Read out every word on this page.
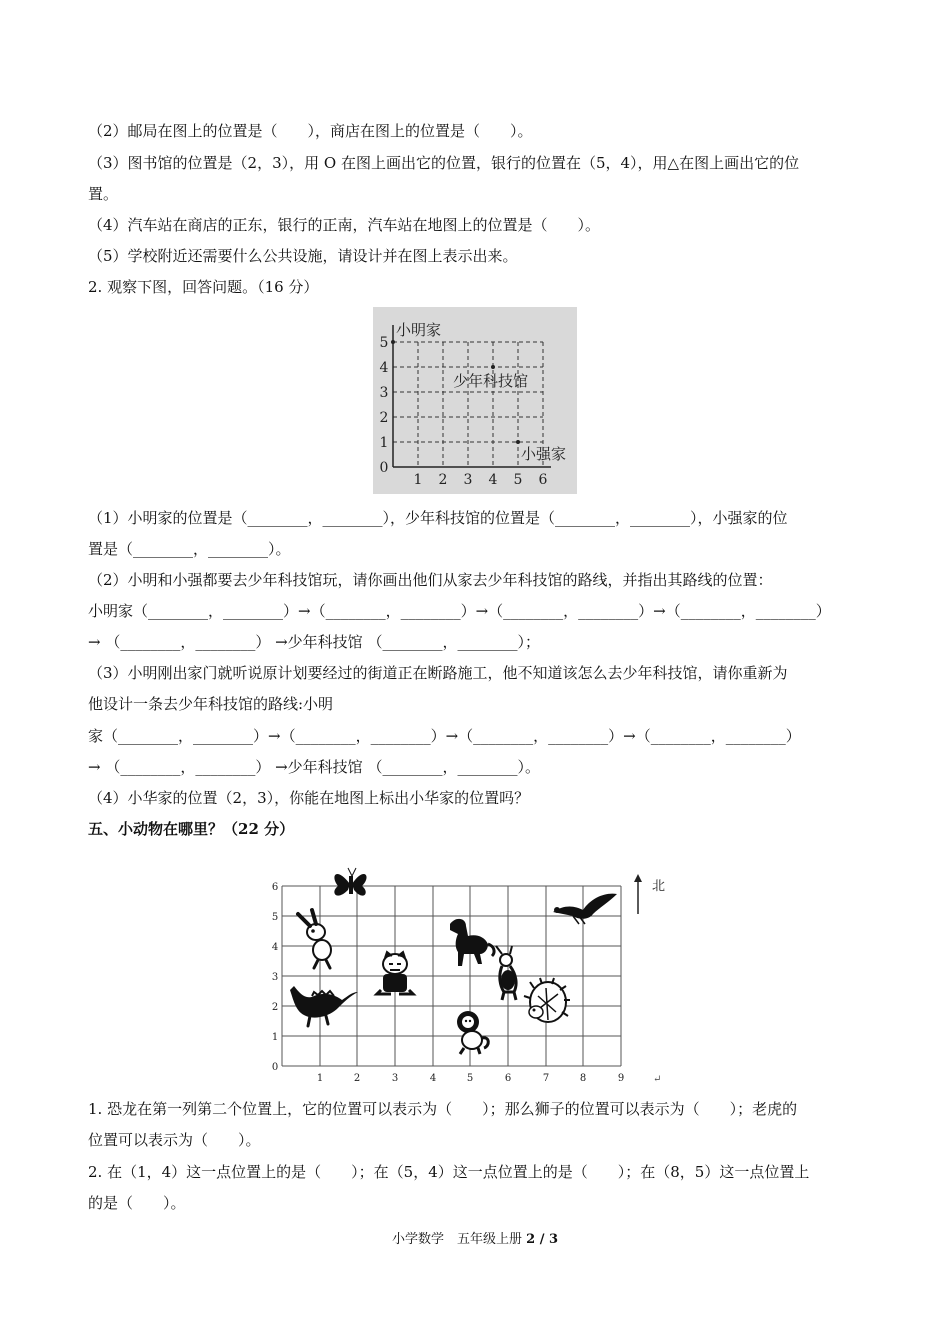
（2）邮局在图上的位置是（　　），商店在图上的位置是（　　）。
（3）图书馆的位置是（2，3），用 O 在图上画出它的位置，银行的位置在（5，4），用△在图上画出它的位
置。
（4）汽车站在商店的正东，银行的正南，汽车站在地图上的位置是（　　）。
（5）学校附近还需要什么公共设施，请设计并在图上表示出来。
2. 观察下图，回答问题。（16 分）
（1）小明家的位置是（________，________），少年科技馆的位置是（________，________），小强家的位
置是（________，________）。
（2）小明和小强都要去少年科技馆玩，请你画出他们从家去少年科技馆的路线，并指出其路线的位置：
小明家（________，________）→（________，________）→（________，________）→（________，________）
→ （________，________） →少年科技馆 （________，________）；
（3）小明刚出家门就听说原计划要经过的街道正在断路施工，他不知道该怎么去少年科技馆，请你重新为
他设计一条去少年科技馆的路线:小明
家（________，________）→（________，________）→（________，________）→（________，________）
→ （________，________） →少年科技馆 （________，________）。
（4）小华家的位置（2，3），你能在地图上标出小华家的位置吗？
五、小动物在哪里？（22 分）
1. 恐龙在第一列第二个位置上，它的位置可以表示为（　　）；那么狮子的位置可以表示为（　　）；老虎的
位置可以表示为（　　）。
2. 在（1，4）这一点位置上的是（　　）；在（5，4）这一点位置上的是（　　）；在（8，5）这一点位置上
的是（　　）。
小明家
少年科技馆
小强家
0
1
2
3
4
5
1 2 3 4 5 6
0
1
2
3
4
5
6
1	2	3	4	5	6	7	8	9
北
↵
小学数学　五年级上册 2 / 3
